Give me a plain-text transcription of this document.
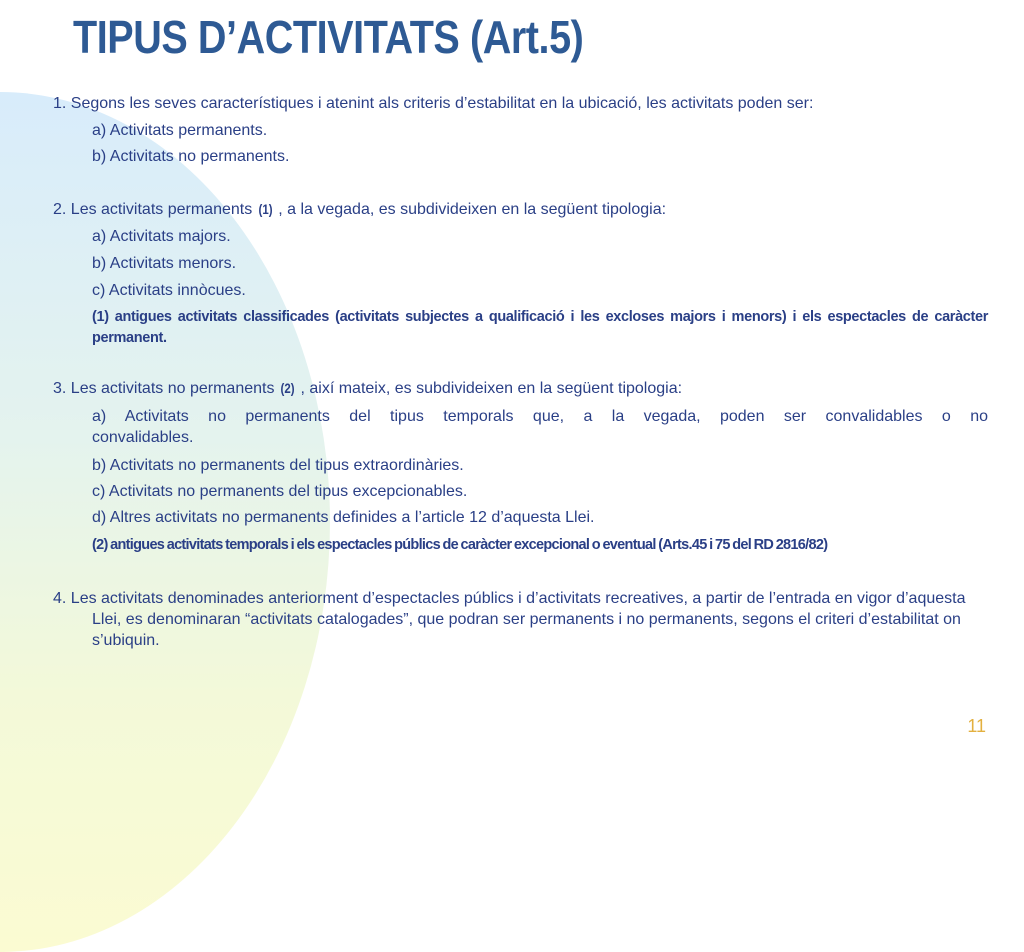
TIPUS D’ACTIVITATS (Art.5)

1. Segons les seves característiques i atenint als criteris d’estabilitat en la ubicació, les activitats poden ser:

a) Activitats permanents.

b) Activitats no permanents.

2. Les activitats permanents (1) , a la vegada, es subdivideixen en la següent tipologia:

a) Activitats majors.

b) Activitats menors.

c) Activitats innòcues.

(1) antigues activitats classificades (activitats subjectes a qualificació i les excloses majors i menors) i els espectacles de caràcter permanent.

3. Les activitats no permanents (2) , així mateix, es subdivideixen en la següent tipologia:

a) Activitats no permanents del tipus temporals que, a la vegada, poden ser convalidables o no convalidables.

b) Activitats no permanents del tipus extraordinàries.

c) Activitats no permanents del tipus excepcionables.

d) Altres activitats no permanents definides a l’article 12 d’aquesta Llei.

(2) antigues activitats temporals i els espectacles públics de caràcter excepcional o eventual (Arts.45 i 75 del RD 2816/82)

4. Les activitats denominades anteriorment d’espectacles públics i d’activitats recreatives, a partir de l’entrada en vigor d’aquesta Llei, es denominaran “activitats catalogades”, que podran ser permanents i no permanents, segons el criteri d’estabilitat on s’ubiquin.

11
